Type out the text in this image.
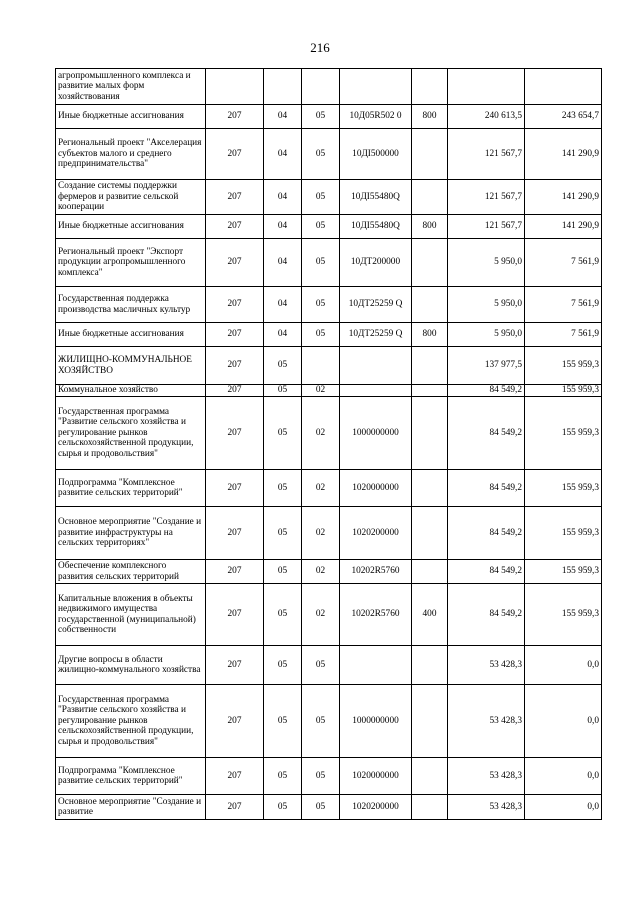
216
агропромышленного комплекса и развитие малых форм хозяйствования							
Иные бюджетные ассигнования	207	04	05	10Д05R502 0	800	240 613,5	243 654,7
Региональный проект "Акселерация субъектов малого и среднего предпринимательства"	207	04	05	10ДI500000		121 567,7	141 290,9
Создание системы поддержки фермеров и развитие сельской кооперации	207	04	05	10ДI55480Q		121 567,7	141 290,9
Иные бюджетные ассигнования	207	04	05	10ДI55480Q	800	121 567,7	141 290,9
Региональный проект "Экспорт продукции агропромышленного комплекса"	207	04	05	10ДТ200000		5 950,0	7 561,9
Государственная поддержка производства масличных культур	207	04	05	10ДТ25259 Q		5 950,0	7 561,9
Иные бюджетные ассигнования	207	04	05	10ДТ25259 Q	800	5 950,0	7 561,9
ЖИЛИЩНО-КОММУНАЛЬНОЕ ХОЗЯЙСТВО	207	05				137 977,5	155 959,3
Коммунальное хозяйство	207	05	02			84 549,2	155 959,3
Государственная программа "Развитие сельского хозяйства и регулирование рынков сельскохозяйственной продукции, сырья и продовольствия"	207	05	02	1000000000		84 549,2	155 959,3
Подпрограмма "Комплексное развитие сельских территорий"	207	05	02	1020000000		84 549,2	155 959,3
Основное мероприятие "Создание и развитие инфраструктуры на сельских территориях"	207	05	02	1020200000		84 549,2	155 959,3
Обеспечение комплексного развития сельских территорий	207	05	02	10202R5760		84 549,2	155 959,3
Капитальные вложения в объекты недвижимого имущества государственной (муниципальной) собственности	207	05	02	10202R5760	400	84 549,2	155 959,3
Другие вопросы в области жилищно-коммунального хозяйства	207	05	05			53 428,3	0,0
Государственная программа "Развитие сельского хозяйства и регулирование рынков сельскохозяйственной продукции, сырья и продовольствия"	207	05	05	1000000000		53 428,3	0,0
Подпрограмма "Комплексное развитие сельских территорий"	207	05	05	1020000000		53 428,3	0,0
Основное мероприятие "Создание и развитие	207	05	05	1020200000		53 428,3	0,0
